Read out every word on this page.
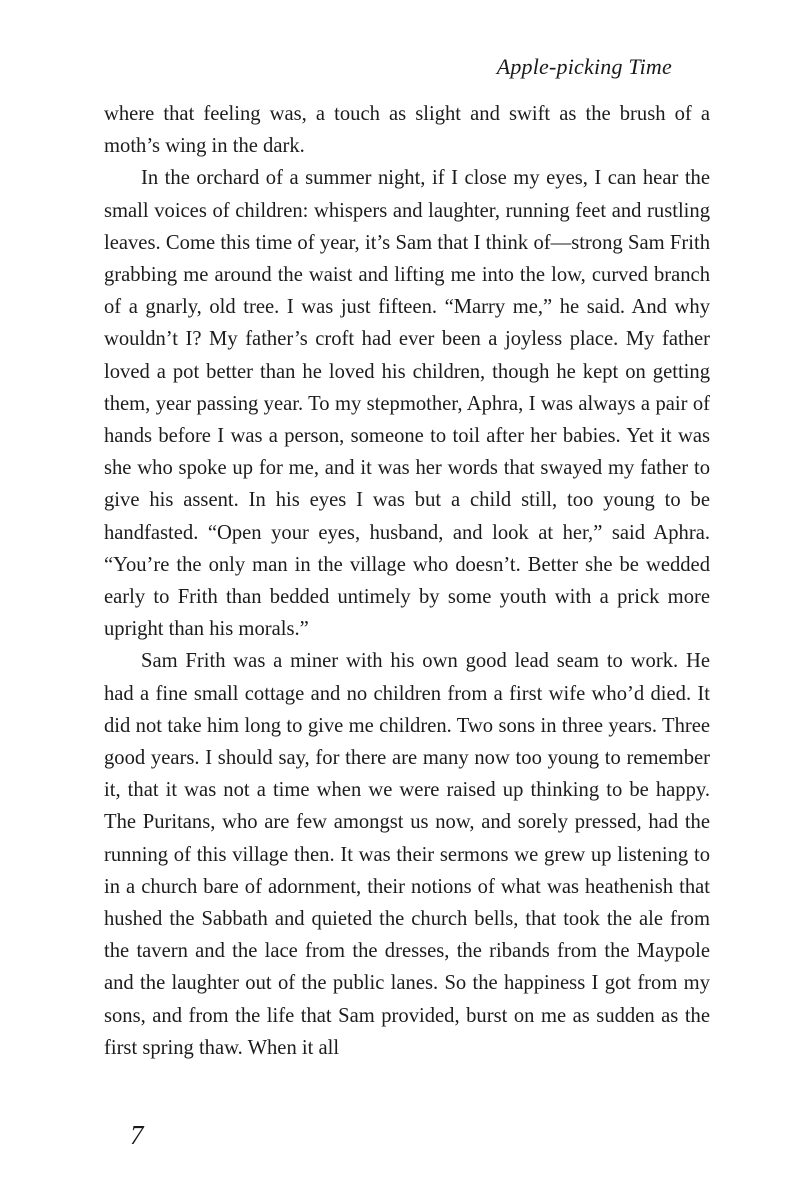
Apple-picking Time

where that feeling was, a touch as slight and swift as the brush of a moth’s wing in the dark.

In the orchard of a summer night, if I close my eyes, I can hear the small voices of children: whispers and laughter, running feet and rustling leaves. Come this time of year, it’s Sam that I think of—strong Sam Frith grabbing me around the waist and lifting me into the low, curved branch of a gnarly, old tree. I was just fifteen. “Marry me,” he said. And why wouldn’t I? My father’s croft had ever been a joyless place. My father loved a pot better than he loved his children, though he kept on getting them, year passing year. To my stepmother, Aphra, I was always a pair of hands before I was a person, someone to toil after her babies. Yet it was she who spoke up for me, and it was her words that swayed my father to give his assent. In his eyes I was but a child still, too young to be handfasted. “Open your eyes, husband, and look at her,” said Aphra. “You’re the only man in the village who doesn’t. Better she be wedded early to Frith than bedded untimely by some youth with a prick more upright than his morals.”

Sam Frith was a miner with his own good lead seam to work. He had a fine small cottage and no children from a first wife who’d died. It did not take him long to give me children. Two sons in three years. Three good years. I should say, for there are many now too young to remember it, that it was not a time when we were raised up thinking to be happy. The Puritans, who are few amongst us now, and sorely pressed, had the running of this village then. It was their sermons we grew up listening to in a church bare of adornment, their notions of what was heathenish that hushed the Sabbath and quieted the church bells, that took the ale from the tavern and the lace from the dresses, the ribands from the Maypole and the laughter out of the public lanes. So the happiness I got from my sons, and from the life that Sam provided, burst on me as sudden as the first spring thaw. When it all

7
